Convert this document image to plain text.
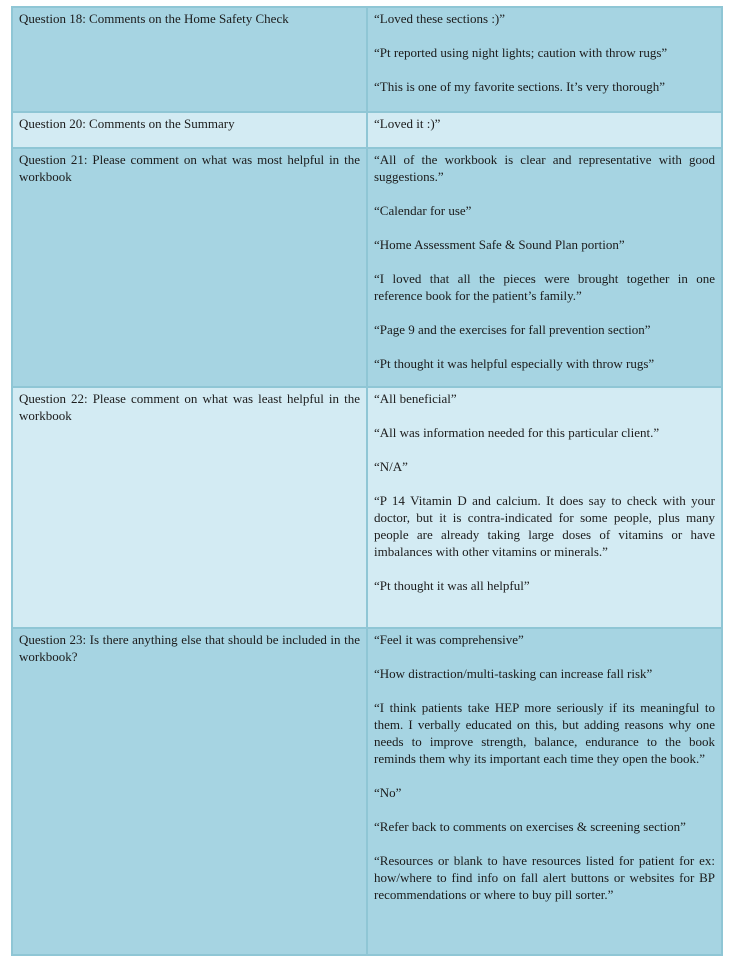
Question 18: Comments on the Home Safety Check	“Loved these sections :)”

“Pt reported using night lights; caution with throw rugs”

“This is one of my favorite sections. It’s very thorough”

Question 20: Comments on the Summary	“Loved it :)”

Question 21: Please comment on what was most helpful in the workbook

“All of the workbook is clear and representative with good suggestions.”

“Calendar for use”

“Home Assessment Safe & Sound Plan portion”

“I loved that all the pieces were brought together in one reference book for the patient’s family.”

“Page 9 and the exercises for fall prevention section”

“Pt thought it was helpful especially with throw rugs”

Question 22: Please comment on what was least helpful in the workbook

“All beneficial”

“All was information needed for this particular client.”

“N/A”

“P 14 Vitamin D and calcium. It does say to check with your doctor, but it is contra-indicated for some people, plus many people are already taking large doses of vitamins or have imbalances with other vitamins or minerals.”

“Pt thought it was all helpful”

Question 23: Is there anything else that should be included in the workbook?

“Feel it was comprehensive”

“How distraction/multi-tasking can increase fall risk”

“I think patients take HEP more seriously if its meaningful to them. I verbally educated on this, but adding reasons why one needs to improve strength, balance, endurance to the book reminds them why its important each time they open the book.”

“No”

“Refer back to comments on exercises & screening section”

“Resources or blank to have resources listed for patient for ex: how/where to find info on fall alert buttons or websites for BP recommendations or where to buy pill sorter.”
